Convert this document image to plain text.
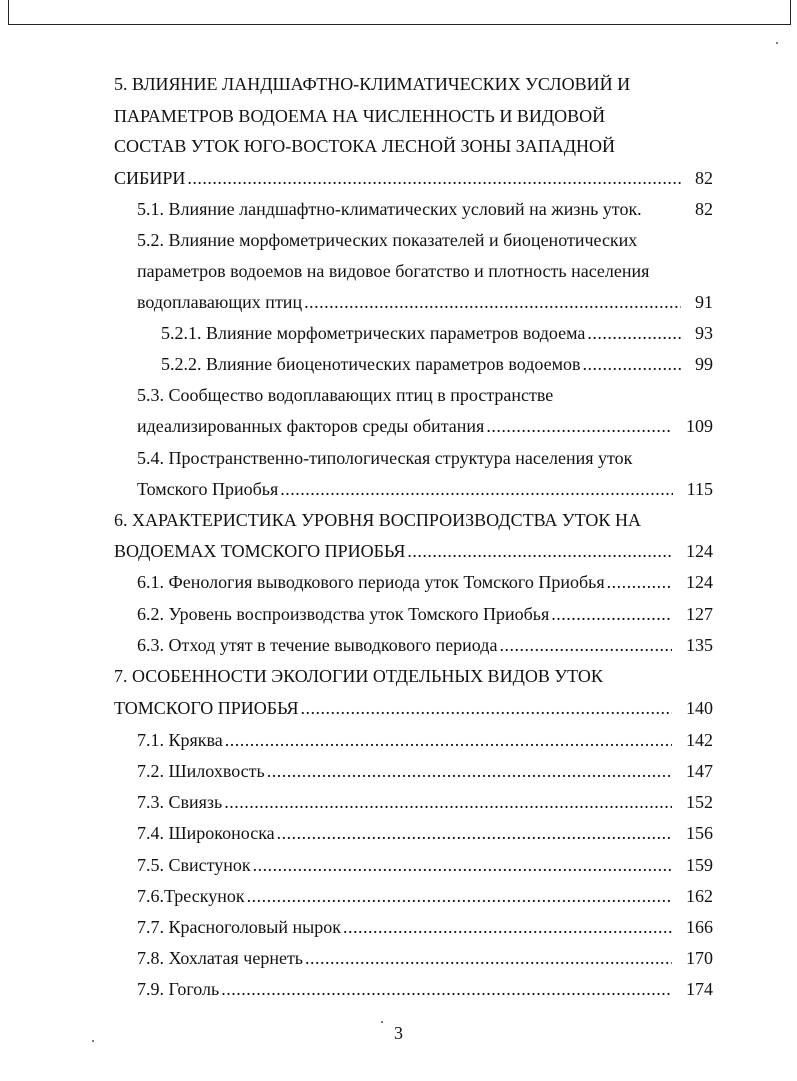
5. ВЛИЯНИЕ ЛАНДШАФТНО-КЛИМАТИЧЕСКИХ УСЛОВИЙ И
ПАРАМЕТРОВ ВОДОЕМА НА ЧИСЛЕННОСТЬ И ВИДОВОЙ
СОСТАВ УТОК ЮГО-ВОСТОКА ЛЕСНОЙ ЗОНЫ ЗАПАДНОЙ
СИБИРИ .....	82
5.1. Влияние ландшафтно-климатических условий на жизнь уток.	82
5.2. Влияние морфометрических показателей и биоценотических
параметров водоемов на видовое богатство и плотность населения
водоплавающих птиц .....	91
5.2.1. Влияние морфометрических параметров водоема .....	93
5.2.2. Влияние биоценотических параметров водоемов .....	99
5.3. Сообщество водоплавающих птиц в пространстве
идеализированных факторов среды обитания .....	109
5.4. Пространственно-типологическая структура населения уток
Томского Приобья .....	115
6. ХАРАКТЕРИСТИКА УРОВНЯ ВОСПРОИЗВОДСТВА УТОК НА
ВОДОЕМАХ ТОМСКОГО ПРИОБЬЯ .....	124
6.1. Фенология выводкового периода уток Томского Приобья .....	124
6.2. Уровень воспроизводства уток Томского Приобья .....	127
6.3. Отход утят в течение выводкового периода .....	135
7. ОСОБЕННОСТИ ЭКОЛОГИИ ОТДЕЛЬНЫХ ВИДОВ УТОК
ТОМСКОГО ПРИОБЬЯ .....	140
7.1. Кряква .....	142
7.2. Шилохвость .....	147
7.3. Свиязь .....	152
7.4. Широконоска .....	156
7.5. Свистунок .....	159
7.6.Трескунок .....	162
7.7. Красноголовый нырок .....	166
7.8. Хохлатая чернеть .....	170
7.9. Гоголь .....	174
3
